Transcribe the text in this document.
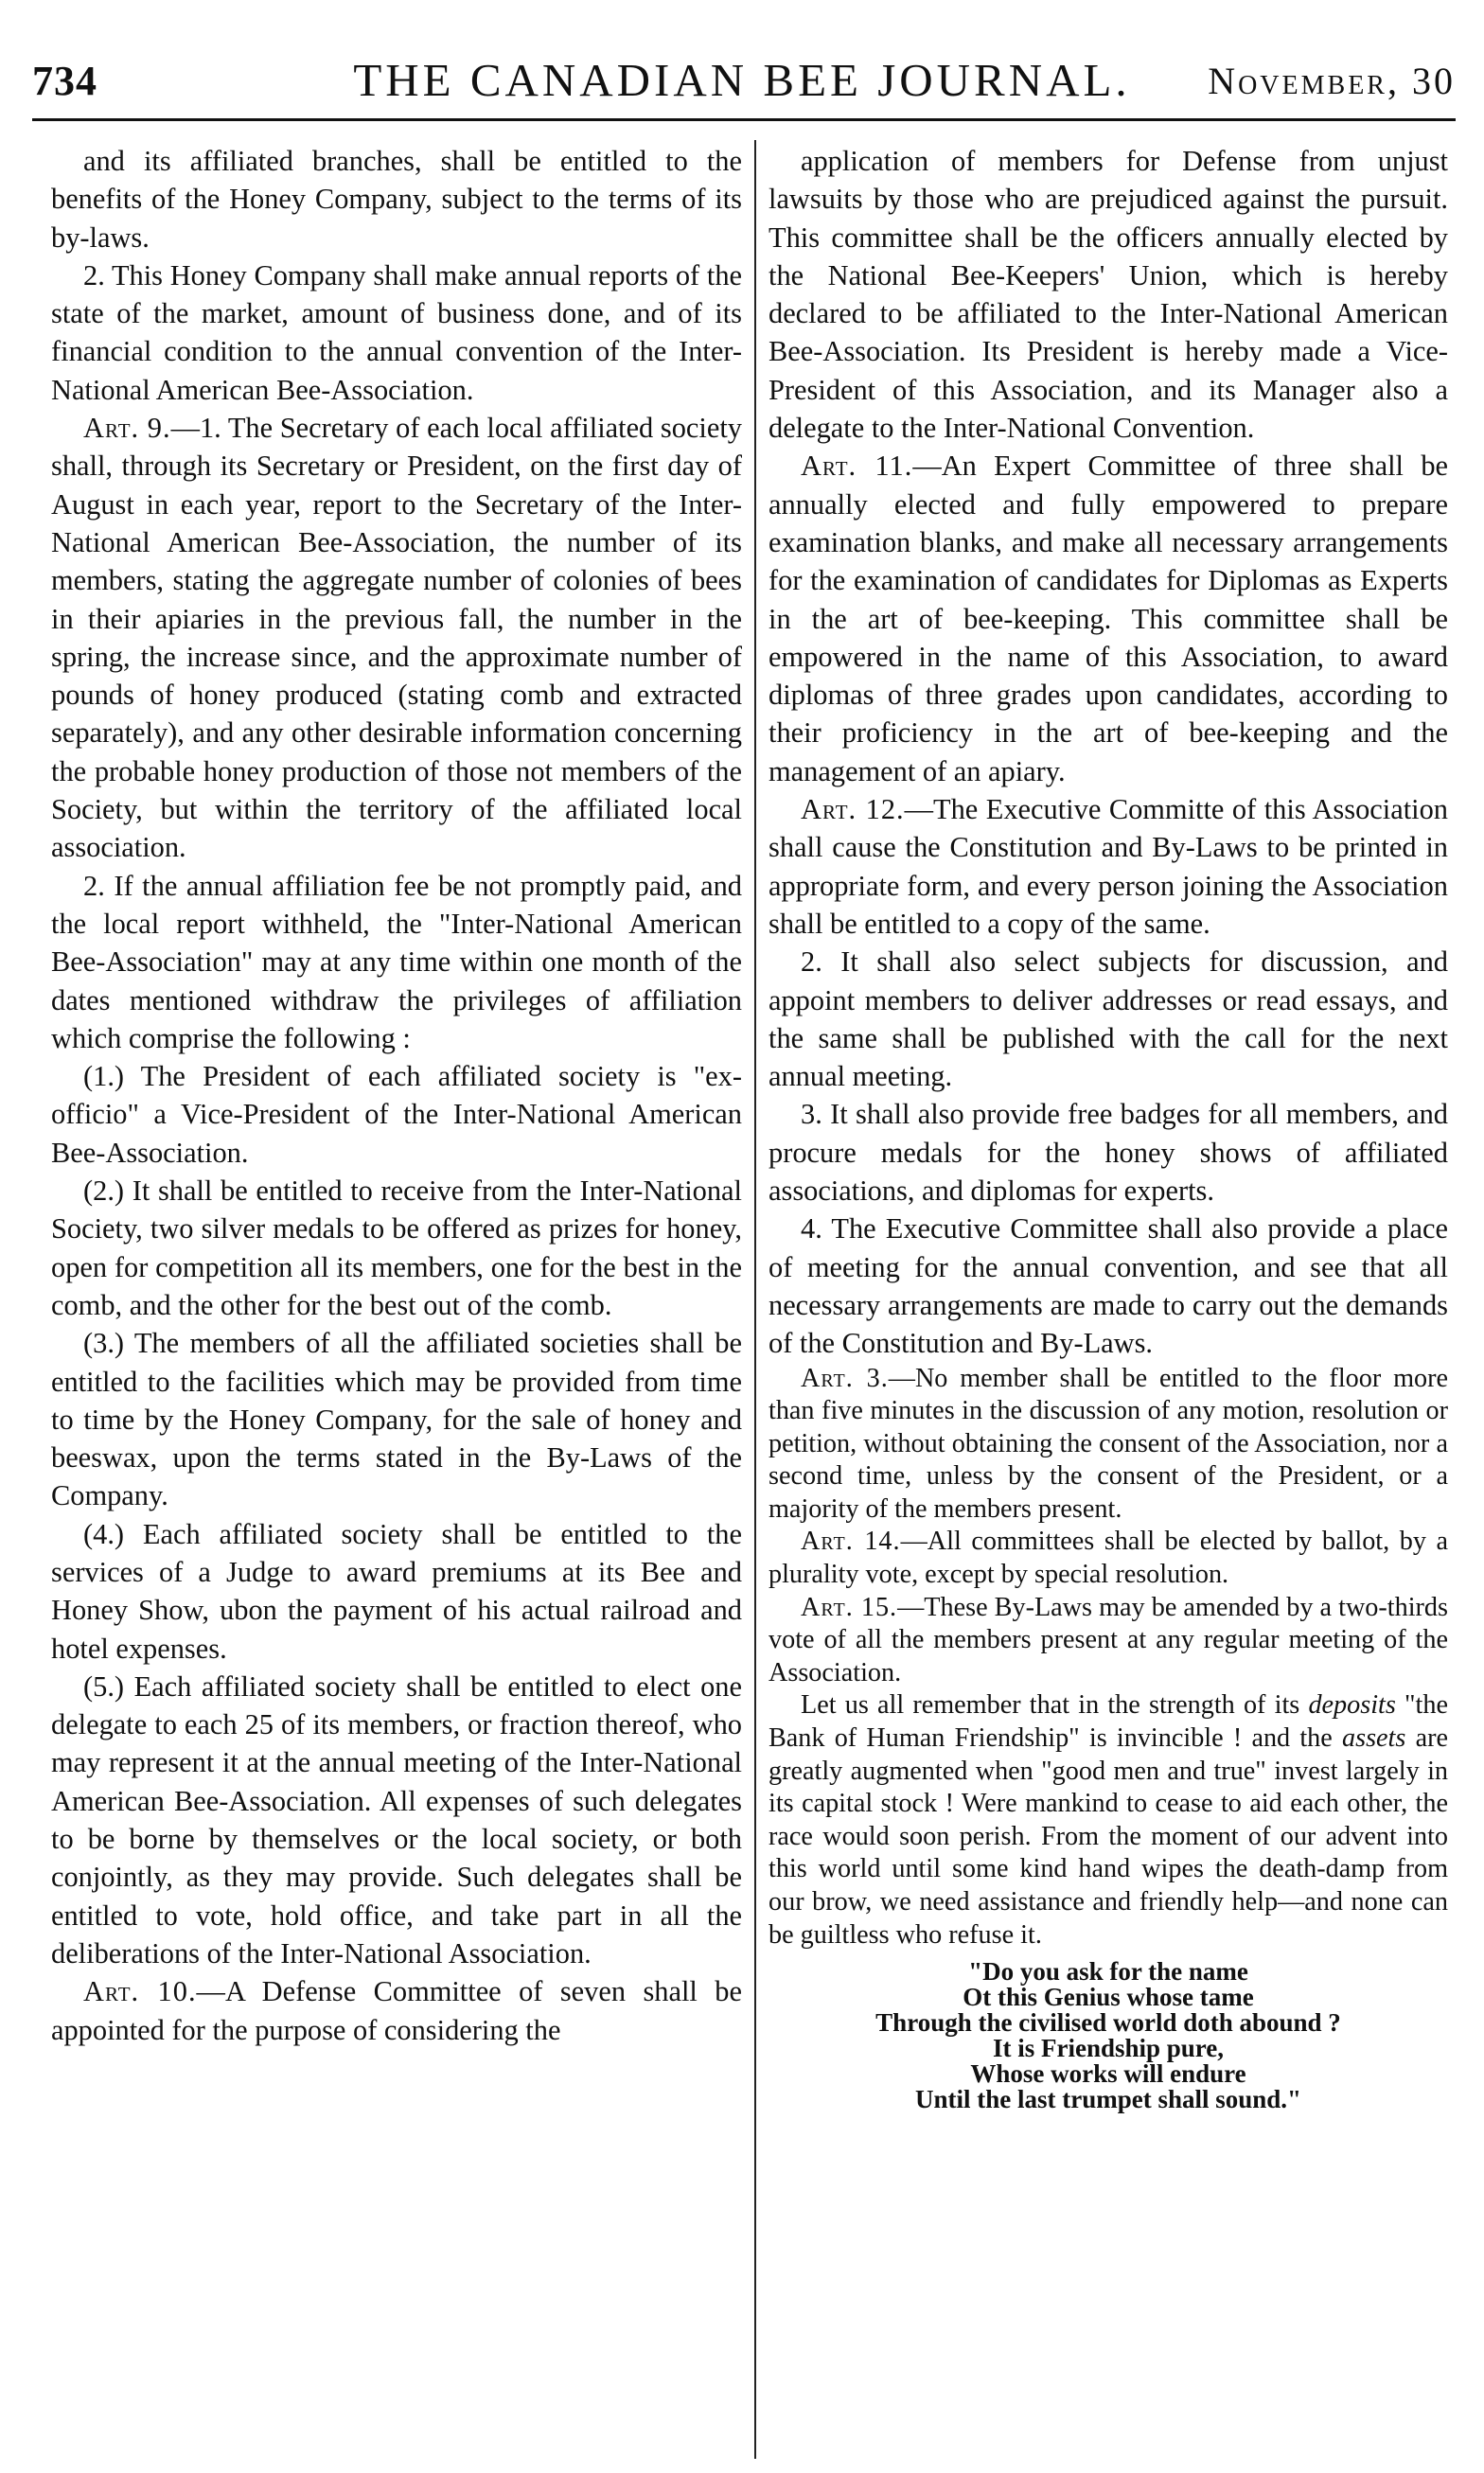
734	THE CANADIAN BEE JOURNAL.	November, 30

and its affiliated branches, shall be entitled to the benefits of the Honey Company, subject to the terms of its by-laws.

2. This Honey Company shall make annual reports of the state of the market, amount of business done, and of its financial condition to the annual convention of the Inter-National American Bee-Association.

Art. 9.—1. The Secretary of each local affiliated society shall, through its Secretary or President, on the first day of August in each year, report to the Secretary of the Inter-National American Bee-Association, the number of its members, stating the aggregate number of colonies of bees in their apiaries in the previous fall, the number in the spring, the increase since, and the approximate number of pounds of honey produced (stating comb and extracted separately), and any other desirable information concerning the probable honey production of those not members of the Society, but within the territory of the affiliated local association.

2. If the annual affiliation fee be not promptly paid, and the local report withheld, the "Inter-National American Bee-Association" may at any time within one month of the dates mentioned withdraw the privileges of affiliation which comprise the following :

(1.) The President of each affiliated society is "ex-officio" a Vice-President of the Inter-National American Bee-Association.

(2.) It shall be entitled to receive from the Inter-National Society, two silver medals to be offered as prizes for honey, open for competition all its members, one for the best in the comb, and the other for the best out of the comb.

(3.) The members of all the affiliated societies shall be entitled to the facilities which may be provided from time to time by the Honey Company, for the sale of honey and beeswax, upon the terms stated in the By-Laws of the Company.

(4.) Each affiliated society shall be entitled to the services of a Judge to award premiums at its Bee and Honey Show, ubon the payment of his actual railroad and hotel expenses.

(5.) Each affiliated society shall be entitled to elect one delegate to each 25 of its members, or fraction thereof, who may represent it at the annual meeting of the Inter-National American Bee-Association. All expenses of such delegates to be borne by themselves or the local society, or both conjointly, as they may provide. Such delegates shall be entitled to vote, hold office, and take part in all the deliberations of the Inter-National Association.

Art. 10.—A Defense Committee of seven shall be appointed for the purpose of considering the

application of members for Defense from unjust lawsuits by those who are prejudiced against the pursuit. This committee shall be the officers annually elected by the National Bee-Keepers' Union, which is hereby declared to be affiliated to the Inter-National American Bee-Association. Its President is hereby made a Vice-President of this Association, and its Manager also a delegate to the Inter-National Convention.

Art. 11.—An Expert Committee of three shall be annually elected and fully empowered to prepare examination blanks, and make all necessary arrangements for the examination of candidates for Diplomas as Experts in the art of bee-keeping. This committee shall be empowered in the name of this Association, to award diplomas of three grades upon candidates, according to their proficiency in the art of bee-keeping and the management of an apiary.

Art. 12.—The Executive Committe of this Association shall cause the Constitution and By-Laws to be printed in appropriate form, and every person joining the Association shall be entitled to a copy of the same.

2. It shall also select subjects for discussion, and appoint members to deliver addresses or read essays, and the same shall be published with the call for the next annual meeting.

3. It shall also provide free badges for all members, and procure medals for the honey shows of affiliated associations, and diplomas for experts.

4. The Executive Committee shall also provide a place of meeting for the annual convention, and see that all necessary arrangements are made to carry out the demands of the Constitution and By-Laws.

Art. 3.—No member shall be entitled to the floor more than five minutes in the discussion of any motion, resolution or petition, without obtaining the consent of the Association, nor a second time, unless by the consent of the President, or a majority of the members present.

Art. 14.—All committees shall be elected by ballot, by a plurality vote, except by special resolution.

Art. 15.—These By-Laws may be amended by a two-thirds vote of all the members present at any regular meeting of the Association.

Let us all remember that in the strength of its deposits "the Bank of Human Friendship" is invincible ! and the assets are greatly augmented when "good men and true" invest largely in its capital stock ! Were mankind to cease to aid each other, the race would soon perish. From the moment of our advent into this world until some kind hand wipes the death-damp from our brow, we need assistance and friendly help—and none can be guiltless who refuse it.

"Do you ask for the name
Ot this Genius whose tame
Through the civilised world doth abound ?
It is Friendship pure,
Whose works will endure
Until the last trumpet shall sound."
